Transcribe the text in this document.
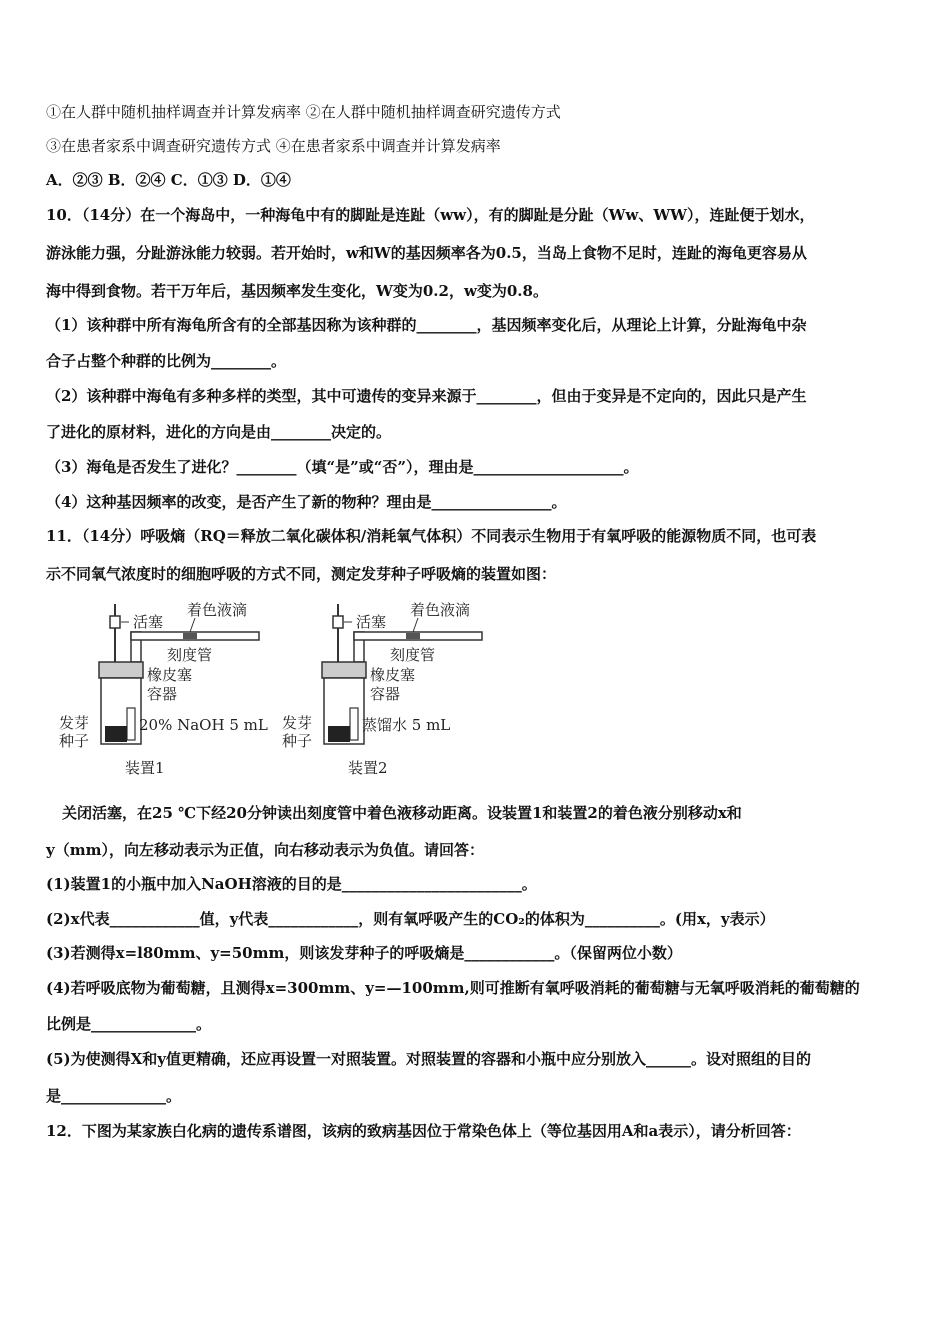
①在人群中随机抽样调查并计算发病率 ②在人群中随机抽样调查研究遗传方式
③在患者家系中调查研究遗传方式 ④在患者家系中调查并计算发病率
A．②③ B．②④ C．①③ D．①④
10．（14分）在一个海岛中，一种海龟中有的脚趾是连趾（ww），有的脚趾是分趾（Ww、WW），连趾便于划水，
游泳能力强，分趾游泳能力较弱。若开始时，w和W的基因频率各为0.5，当岛上食物不足时，连趾的海龟更容易从
海中得到食物。若干万年后，基因频率发生变化，W变为0.2，w变为0.8。
（1）该种群中所有海龟所含有的全部基因称为该种群的________，基因频率变化后，从理论上计算，分趾海龟中杂
合子占整个种群的比例为________。
（2）该种群中海龟有多种多样的类型，其中可遗传的变异来源于________，但由于变异是不定向的，因此只是产生
了进化的原材料，进化的方向是由________决定的。
（3）海龟是否发生了进化？________（填“是”或“否”），理由是____________________。
（4）这种基因频率的改变，是否产生了新的物种？理由是________________。
11．（14分）呼吸熵（RQ＝释放二氧化碳体积/消耗氧气体积）不同表示生物用于有氧呼吸的能源物质不同，也可表
示不同氧气浓度时的细胞呼吸的方式不同，测定发芽种子呼吸熵的装置如图：
活塞
着色液滴
刻度管
橡皮塞
容器
20% NaOH 5 mL
发芽
种子
装置1
活塞
着色液滴
刻度管
橡皮塞
容器
蒸馏水 5 mL
发芽
种子
装置2
关闭活塞，在25 ℃下经20分钟读出刻度管中着色液移动距离。设装置1和装置2的着色液分别移动x和
y（mm），向左移动表示为正值，向右移动表示为负值。请回答：
(1)装置1的小瓶中加入NaOH溶液的目的是________________________。
(2)x代表____________值，y代表____________，则有氧呼吸产生的CO₂的体积为__________。(用x，y表示）
(3)若测得x=l80mm、y=50mm，则该发芽种子的呼吸熵是____________。（保留两位小数）
(4)若呼吸底物为葡萄糖，且测得x=300mm、y=—100mm,则可推断有氧呼吸消耗的葡萄糖与无氧呼吸消耗的葡萄糖的
比例是______________。
(5)为使测得X和y值更精确，还应再设置一对照装置。对照装置的容器和小瓶中应分别放入______。设对照组的目的
是______________。
12．下图为某家族白化病的遗传系谱图，该病的致病基因位于常染色体上（等位基因用A和a表示），请分析回答：
